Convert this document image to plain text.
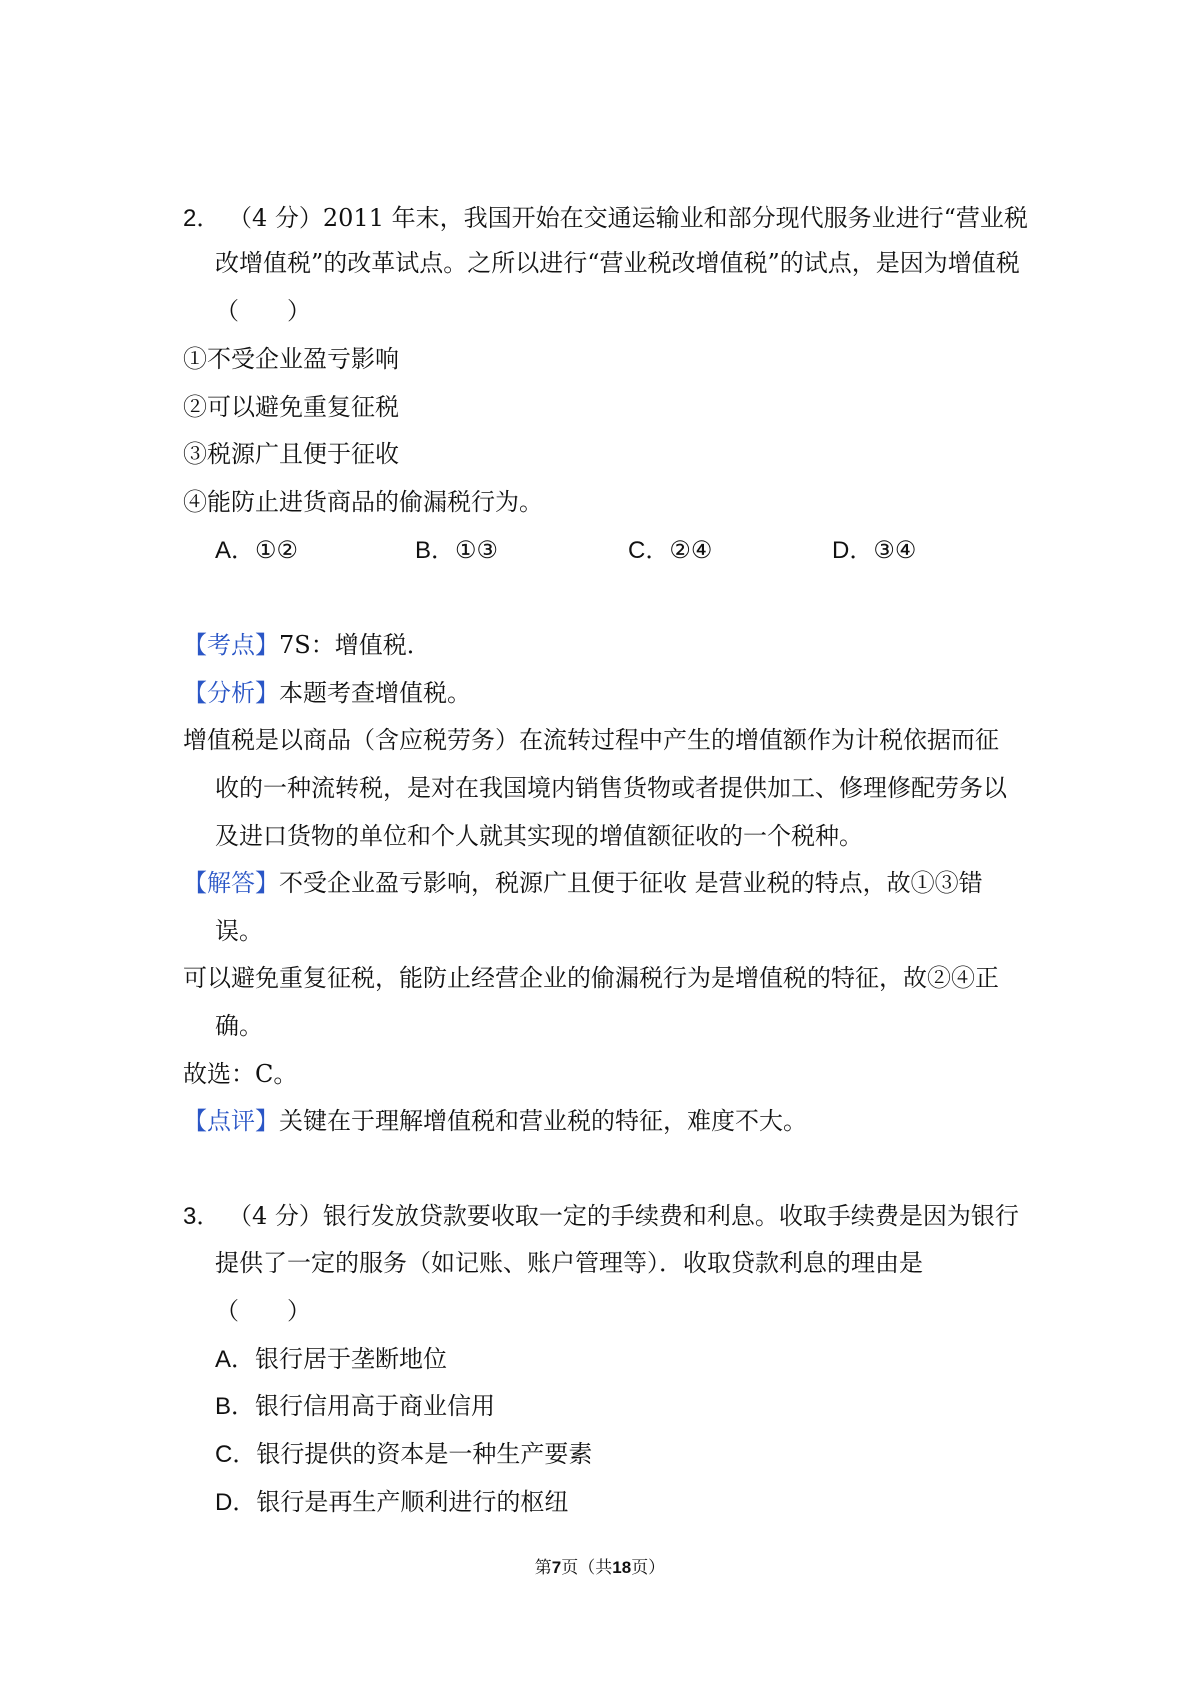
2． （4 分）2011 年末，我国开始在交通运输业和部分现代服务业进行“营业税
改增值税”的改革试点。之所以进行“营业税改增值税”的试点，是因为增值税
（　　）
①不受企业盈亏影响
②可以避免重复征税
③税源广且便于征收
④能防止进货商品的偷漏税行为。
A．①②	B．①③	C．②④	D．③④
【考点】7S：增值税．
【分析】本题考查增值税。
增值税是以商品（含应税劳务）在流转过程中产生的增值额作为计税依据而征
收的一种流转税，是对在我国境内销售货物或者提供加工、修理修配劳务以
及进口货物的单位和个人就其实现的增值额征收的一个税种。
【解答】不受企业盈亏影响，税源广且便于征收 是营业税的特点，故①③错
误。
可以避免重复征税，能防止经营企业的偷漏税行为是增值税的特征，故②④正
确。
故选：C。
【点评】关键在于理解增值税和营业税的特征，难度不大。
3． （4 分）银行发放贷款要收取一定的手续费和利息。收取手续费是因为银行
提供了一定的服务（如记账、账户管理等）．收取贷款利息的理由是
（　　）
A．银行居于垄断地位
B．银行信用高于商业信用
C．银行提供的资本是一种生产要素
D．银行是再生产顺利进行的枢纽
第7页（共18页）
